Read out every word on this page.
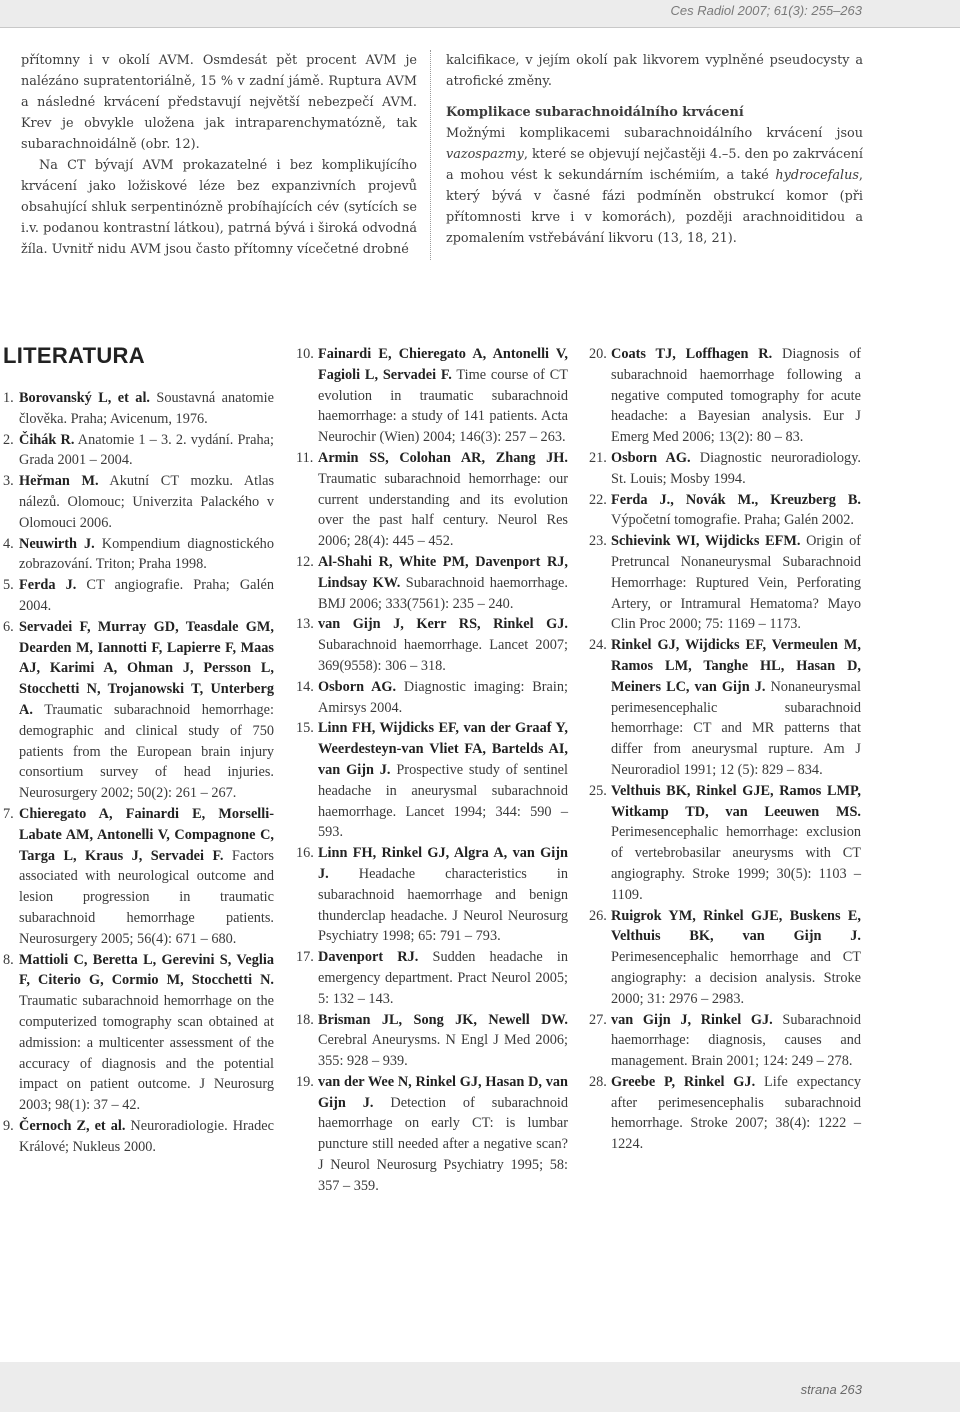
Ces Radiol 2007; 61(3): 255–263

přítomny i v okolí AVM. Osmdesát pět procent AVM je nalézáno supratentoriálně, 15 % v zadní jámě. Ruptura AVM a následné krvácení představují největší nebezpečí AVM. Krev je obvykle uložena jak intraparenchymatózně, tak subarachnoidálně (obr. 12).

Na CT bývají AVM prokazatelné i bez komplikujícího krvácení jako ložiskové léze bez expanzivních projevů obsahující shluk serpentinózně probíhajících cév (sytících se i.v. podanou kontrastní látkou), patrná bývá i široká odvodná žíla. Uvnitř nidu AVM jsou často přítomny vícečetné drobné

kalcifikace, v jejím okolí pak likvorem vyplněné pseudocysty a atrofické změny.

Komplikace subarachnoidálního krvácení

Možnými komplikacemi subarachnoidálního krvácení jsou vazospazmy, které se objevují nejčastěji 4.–5. den po zakrvácení a mohou vést k sekundárním ischémiím, a také hydrocefalus, který bývá v časné fázi podmíněn obstrukcí komor (při přítomnosti krve i v komorách), později arachnoiditidou a zpomalením vstřebávání likvoru (13, 18, 21).

LITERATURA
1. Borovanský L, et al. Soustavná anatomie člověka. Praha; Avicenum, 1976.
2. Čihák R. Anatomie 1 – 3. 2. vydání. Praha; Grada 2001 – 2004.
3. Heřman M. Akutní CT mozku. Atlas nálezů. Olomouc; Univerzita Palackého v Olomouci 2006.
4. Neuwirth J. Kompendium diagnostického zobrazování. Triton; Praha 1998.
5. Ferda J. CT angiografie. Praha; Galén 2004.
6. Servadei F, Murray GD, Teasdale GM, Dearden M, Iannotti F, Lapierre F, Maas AJ, Karimi A, Ohman J, Persson L, Stocchetti N, Trojanowski T, Unterberg A. Traumatic subarachnoid hemorrhage: demographic and clinical study of 750 patients from the European brain injury consortium survey of head injuries. Neurosurgery 2002; 50(2): 261 – 267.
7. Chieregato A, Fainardi E, Morselli-Labate AM, Antonelli V, Compagnone C, Targa L, Kraus J, Servadei F. Factors associated with neurological outcome and lesion progression in traumatic subarachnoid hemorrhage patients. Neurosurgery 2005; 56(4): 671 – 680.
8. Mattioli C, Beretta L, Gerevini S, Veglia F, Citerio G, Cormio M, Stocchetti N. Traumatic subarachnoid hemorrhage on the computerized tomography scan obtained at admission: a multicenter assessment of the accuracy of diagnosis and the potential impact on patient outcome. J Neurosurg 2003; 98(1): 37 – 42.
9. Černoch Z, et al. Neuroradiologie. Hradec Králové; Nukleus 2000.
10. Fainardi E, Chieregato A, Antonelli V, Fagioli L, Servadei F. Time course of CT evolution in traumatic subarachnoid haemorrhage: a study of 141 patients. Acta Neurochir (Wien) 2004; 146(3): 257 – 263.
11. Armin SS, Colohan AR, Zhang JH. Traumatic subarachnoid hemorrhage: our current understanding and its evolution over the past half century. Neurol Res 2006; 28(4): 445 – 452.
12. Al-Shahi R, White PM, Davenport RJ, Lindsay KW. Subarachnoid haemorrhage. BMJ 2006; 333(7561): 235 – 240.
13. van Gijn J, Kerr RS, Rinkel GJ. Subarachnoid haemorrhage. Lancet 2007; 369(9558): 306 – 318.
14. Osborn AG. Diagnostic imaging: Brain; Amirsys 2004.
15. Linn FH, Wijdicks EF, van der Graaf Y, Weerdesteyn-van Vliet FA, Bartelds AI, van Gijn J. Prospective study of sentinel headache in aneurysmal subarachnoid haemorrhage. Lancet 1994; 344: 590 – 593.
16. Linn FH, Rinkel GJ, Algra A, van Gijn J. Headache characteristics in subarachnoid haemorrhage and benign thunderclap headache. J Neurol Neurosurg Psychiatry 1998; 65: 791 – 793.
17. Davenport RJ. Sudden headache in emergency department. Pract Neurol 2005; 5: 132 – 143.
18. Brisman JL, Song JK, Newell DW. Cerebral Aneurysms. N Engl J Med 2006; 355: 928 – 939.
19. van der Wee N, Rinkel GJ, Hasan D, van Gijn J. Detection of subarachnoid haemorrhage on early CT: is lumbar puncture still needed after a negative scan? J Neurol Neurosurg Psychiatry 1995; 58: 357 – 359.
20. Coats TJ, Loffhagen R. Diagnosis of subarachnoid haemorrhage following a negative computed tomography for acute headache: a Bayesian analysis. Eur J Emerg Med 2006; 13(2): 80 – 83.
21. Osborn AG. Diagnostic neuroradiology. St. Louis; Mosby 1994.
22. Ferda J., Novák M., Kreuzberg B. Výpočetní tomografie. Praha; Galén 2002.
23. Schievink WI, Wijdicks EFM. Origin of Pretruncal Nonaneurysmal Subarachnoid Hemorrhage: Ruptured Vein, Perforating Artery, or Intramural Hematoma? Mayo Clin Proc 2000; 75: 1169 – 1173.
24. Rinkel GJ, Wijdicks EF, Vermeulen M, Ramos LM, Tanghe HL, Hasan D, Meiners LC, van Gijn J. Nonaneurysmal perimesencephalic subarachnoid hemorrhage: CT and MR patterns that differ from aneurysmal rupture. Am J Neuroradiol 1991; 12 (5): 829 – 834.
25. Velthuis BK, Rinkel GJE, Ramos LMP, Witkamp TD, van Leeuwen MS. Perimesencephalic hemorrhage: exclusion of vertebrobasilar aneurysms with CT angiography. Stroke 1999; 30(5): 1103 – 1109.
26. Ruigrok YM, Rinkel GJE, Buskens E, Velthuis BK, van Gijn J. Perimesencephalic hemorrhage and CT angiography: a decision analysis. Stroke 2000; 31: 2976 – 2983.
27. van Gijn J, Rinkel GJ. Subarachnoid haemorrhage: diagnosis, causes and management. Brain 2001; 124: 249 – 278.
28. Greebe P, Rinkel GJ. Life expectancy after perimesencephalis subarachnoid hemorrhage. Stroke 2007; 38(4): 1222 – 1224.
strana 263
